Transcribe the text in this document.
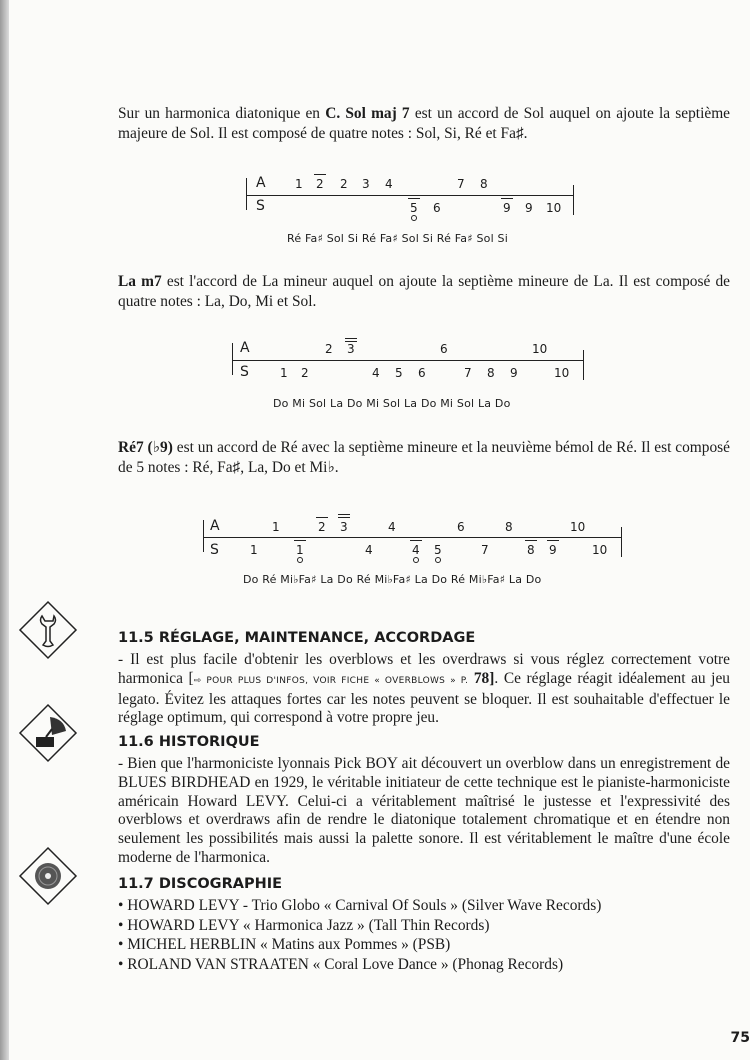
Sur un harmonica diatonique en C. Sol maj 7 est un accord de Sol auquel on ajoute la septième majeure de Sol. Il est composé de quatre notes : Sol, Si, Ré et Fa♯.

A
S
1 2 2 3 4	7 8
5 6	9 9 10
Ré Fa♯ Sol Si Ré Fa♯ Sol Si Ré Fa♯ Sol Si

La m7 est l'accord de La mineur auquel on ajoute la septième mineure de La. Il est composé de quatre notes : La, Do, Mi et Sol.

A
S
2 3	6	10
1 2	4 5 6	7 8 9	10
Do Mi Sol La Do Mi Sol La Do Mi Sol La Do

Ré7 (♭9) est un accord de Ré avec la septième mineure et la neuvième bémol de Ré. Il est composé de 5 notes : Ré, Fa♯, La, Do et Mi♭.

A
S
1	2 3	4	6	8	10
1	1	4	4 5	7	8 9	10
Do Ré Mi♭Fa♯ La Do Ré Mi♭Fa♯ La Do Ré Mi♭Fa♯ La Do
11.5 RÉGLAGE, MAINTENANCE, ACCORDAGE

- Il est plus facile d'obtenir les overblows et les overdraws si vous réglez correctement votre harmonica [⇨ POUR PLUS D'INFOS, VOIR FICHE « OVERBLOWS » P. 78]. Ce réglage réagit idéalement au jeu legato. Évitez les attaques fortes car les notes peuvent se bloquer. Il est souhaitable d'effectuer le réglage optimum, qui correspond à votre propre jeu.

11.6 HISTORIQUE

- Bien que l'harmoniciste lyonnais Pick BOY ait découvert un overblow dans un enregistrement de BLUES BIRDHEAD en 1929, le véritable initiateur de cette technique est le pianiste-harmoniciste américain Howard LEVY. Celui-ci a véritablement maîtrisé le justesse et l'expressivité des overblows et overdraws afin de rendre le diatonique totalement chromatique et en étendre non seulement les possibilités mais aussi la palette sonore. Il est véritablement le maître d'une école moderne de l'harmonica.

11.7 DISCOGRAPHIE
• HOWARD LEVY - Trio Globo « Carnival Of Souls » (Silver Wave Records)
• HOWARD LEVY « Harmonica Jazz » (Tall Thin Records)
• MICHEL HERBLIN « Matins aux Pommes » (PSB)
• ROLAND VAN STRAATEN « Coral Love Dance » (Phonag Records)
75
